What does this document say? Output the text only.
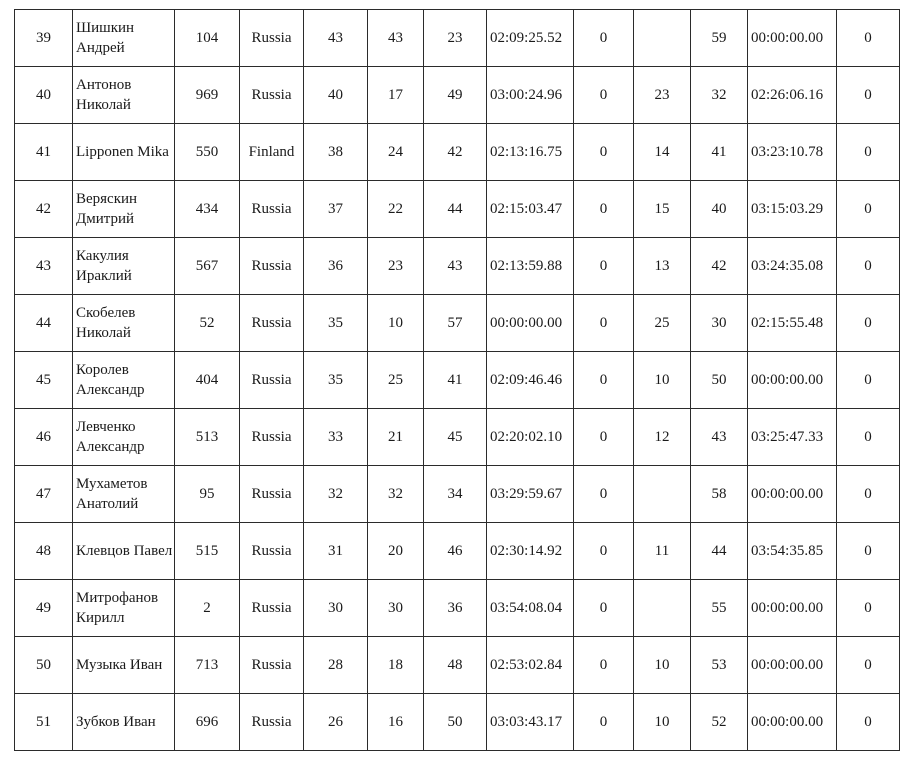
39	Шишкин Андрей	104	Russia	43	43	23	02:09:25.52	0		59	00:00:00.00	0
40	Антонов Николай	969	Russia	40	17	49	03:00:24.96	0	23	32	02:26:06.16	0
41	Lipponen Mika	550	Finland	38	24	42	02:13:16.75	0	14	41	03:23:10.78	0
42	Веряскин Дмитрий	434	Russia	37	22	44	02:15:03.47	0	15	40	03:15:03.29	0
43	Какулия Ираклий	567	Russia	36	23	43	02:13:59.88	0	13	42	03:24:35.08	0
44	Скобелев Николай	52	Russia	35	10	57	00:00:00.00	0	25	30	02:15:55.48	0
45	Королев Александр	404	Russia	35	25	41	02:09:46.46	0	10	50	00:00:00.00	0
46	Левченко Александр	513	Russia	33	21	45	02:20:02.10	0	12	43	03:25:47.33	0
47	Мухаметов Анатолий	95	Russia	32	32	34	03:29:59.67	0		58	00:00:00.00	0
48	Клевцов Павел	515	Russia	31	20	46	02:30:14.92	0	11	44	03:54:35.85	0
49	Митрофанов Кирилл	2	Russia	30	30	36	03:54:08.04	0		55	00:00:00.00	0
50	Музыка Иван	713	Russia	28	18	48	02:53:02.84	0	10	53	00:00:00.00	0
51	Зубков Иван	696	Russia	26	16	50	03:03:43.17	0	10	52	00:00:00.00	0
